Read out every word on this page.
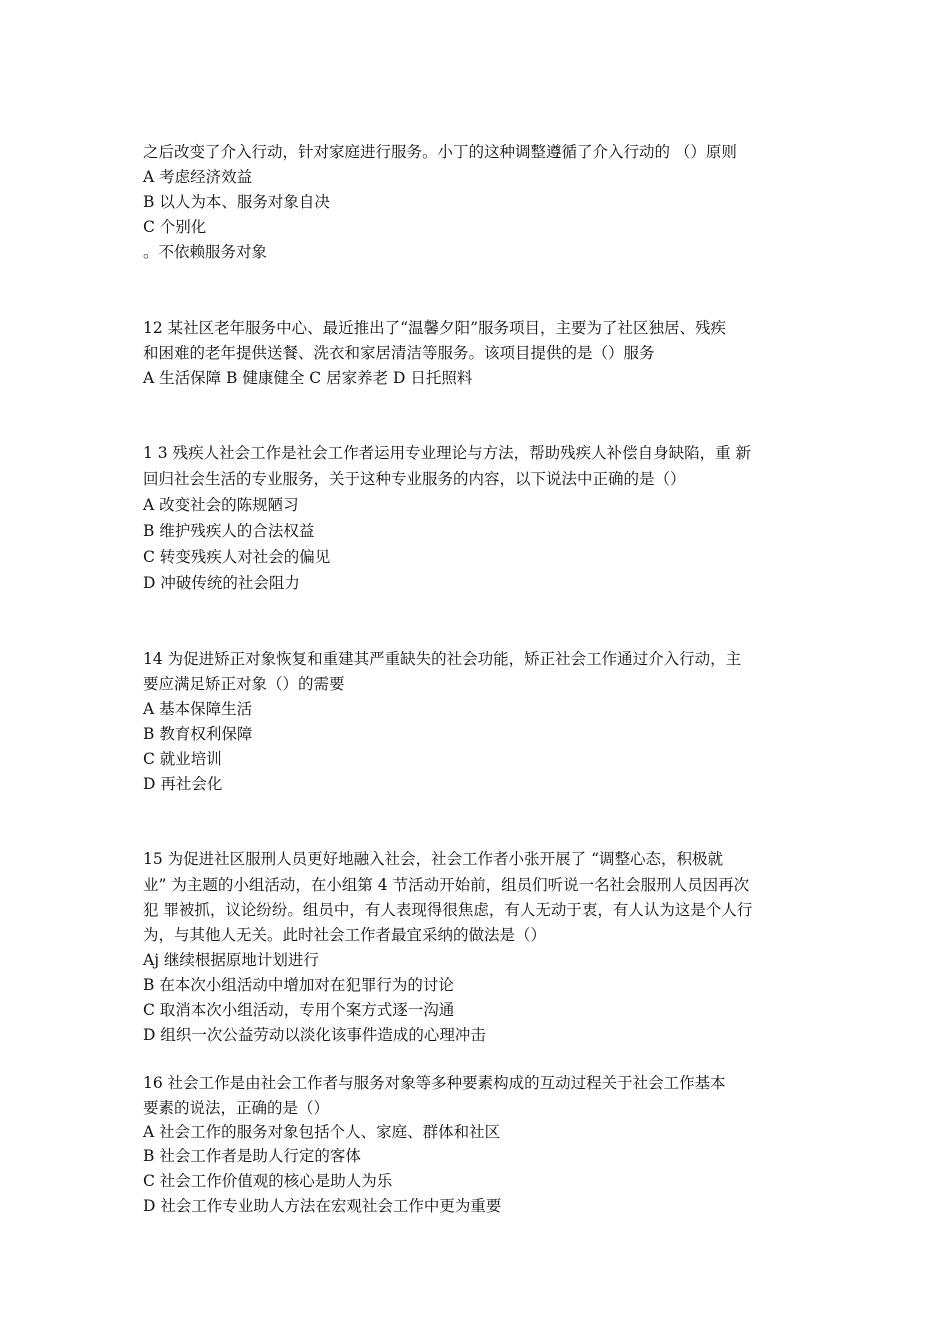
之后改变了介入行动，针对家庭进行服务。小丁的这种调整遵循了介入行动的 （）原则
A 考虑经济效益
B 以人为本、服务对象自决
C 个别化
。不依赖服务对象
12 某社区老年服务中心、最近推出了“温馨夕阳”服务项目，主要为了社区独居、残疾
和困难的老年提供送餐、洗衣和家居清洁等服务。该项目提供的是（）服务
A 生活保障 B 健康健全 C 居家养老 D 日托照料
1 3 残疾人社会工作是社会工作者运用专业理论与方法，帮助残疾人补偿自身缺陷，重 新
回归社会生活的专业服务，关于这种专业服务的内容，以下说法中正确的是（）
A 改变社会的陈规陋习
B 维护残疾人的合法权益
C 转变残疾人对社会的偏见
D 冲破传统的社会阻力
14 为促进矫正对象恢复和重建其严重缺失的社会功能，矫正社会工作通过介入行动，主
要应满足矫正对象（）的需要
A 基本保障生活
B 教育权利保障
C 就业培训
D 再社会化
15 为促进社区服刑人员更好地融入社会，社会工作者小张开展了 “调整心态，积极就
业” 为主题的小组活动，在小组第 4 节活动开始前，组员们听说一名社会服刑人员因再次
犯 罪被抓，议论纷纷。组员中，有人表现得很焦虑，有人无动于衷，有人认为这是个人行
为，与其他人无关。此时社会工作者最宜采纳的做法是（）
Aj 继续根据原地计划进行
B 在本次小组活动中增加对在犯罪行为的讨论
C 取消本次小组活动，专用个案方式逐一沟通
D 组织一次公益劳动以淡化该事件造成的心理冲击
16 社会工作是由社会工作者与服务对象等多种要素构成的互动过程关于社会工作基本
要素的说法，正确的是（）
A 社会工作的服务对象包括个人、家庭、群体和社区
B 社会工作者是助人行定的客体
C 社会工作价值观的核心是助人为乐
D 社会工作专业助人方法在宏观社会工作中更为重要
